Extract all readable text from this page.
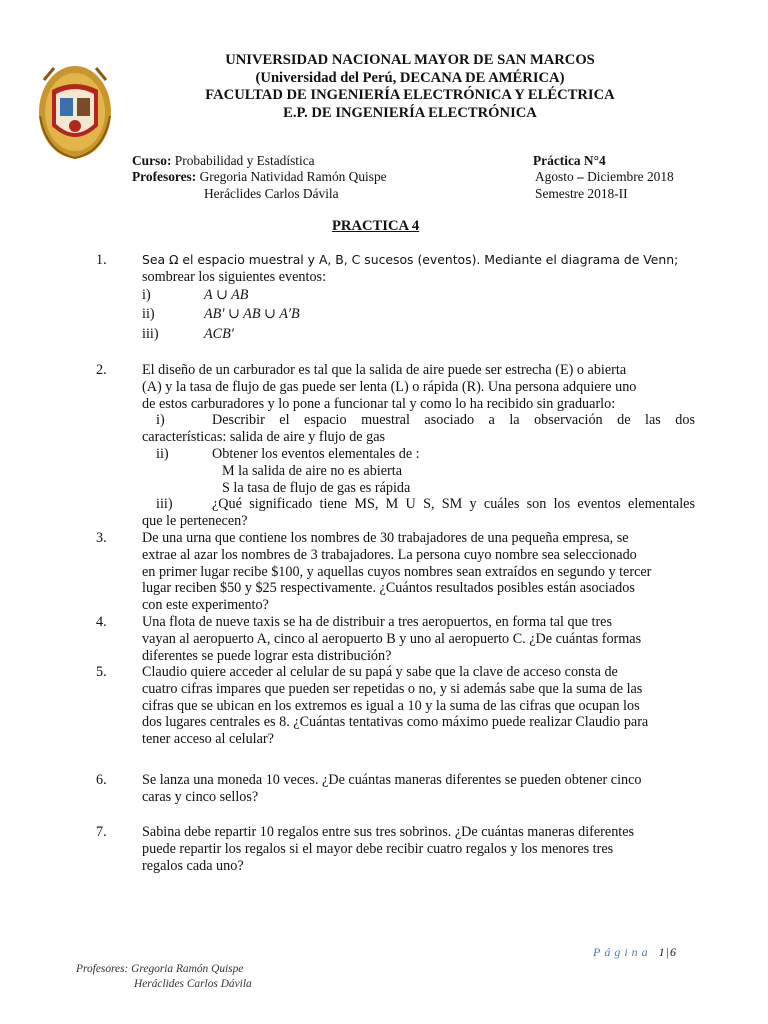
UNIVERSIDAD NACIONAL MAYOR DE SAN MARCOS
(Universidad del Perú, DECANA DE AMÉRICA)
FACULTAD DE INGENIERÍA ELECTRÓNICA Y ELÉCTRICA
E.P. DE INGENIERÍA ELECTRÓNICA
Curso: Probabilidad y Estadística
Profesores: Gregoria Natividad Ramón Quispe
Heráclides Carlos Dávila
Práctica N°4
Agosto – Diciembre 2018
Semestre 2018-II
PRACTICA 4
1.	Sea Ω el espacio muestral y A, B, C sucesos (eventos). Mediante el diagrama de Venn;
sombrear los siguientes eventos:
i)	A ∪ AB
ii)	AB′ ∪ AB ∪ A′B
iii)	ACB′
2. El diseño de un carburador es tal que la salida de aire puede ser estrecha (E) o abierta
(A) y la tasa de flujo de gas puede ser lenta (L) o rápida (R). Una persona adquiere uno
de estos carburadores y lo pone a funcionar tal y como lo ha recibido sin graduarlo:
i)	Describir el espacio muestral asociado a la observación de las dos
características: salida de aire y flujo de gas
ii)	Obtener los eventos elementales de :
M la salida de aire no es abierta
S la tasa de flujo de gas es rápida
iii)	¿Qué significado tiene MS, M U S, SM y cuáles son los eventos elementales
que le pertenecen?
3. De una urna que contiene los nombres de 30 trabajadores de una pequeña empresa, se
extrae al azar los nombres de 3 trabajadores. La persona cuyo nombre sea seleccionado
en primer lugar recibe $100, y aquellas cuyos nombres sean extraídos en segundo y tercer
lugar reciben $50 y $25 respectivamente. ¿Cuántos resultados posibles están asociados
con este experimento?
4. Una flota de nueve taxis se ha de distribuir a tres aeropuertos, en forma tal que tres
vayan al aeropuerto A, cinco al aeropuerto B y uno al aeropuerto C. ¿De cuántas formas
diferentes se puede lograr esta distribución?
5. Claudio quiere acceder al celular de su papá y sabe que la clave de acceso consta de
cuatro cifras impares que pueden ser repetidas o no, y si además sabe que la suma de las
cifras que se ubican en los extremos es igual a 10 y la suma de las cifras que ocupan los
dos lugares centrales es 8. ¿Cuántas tentativas como máximo puede realizar Claudio para
tener acceso al celular?
6. Se lanza una moneda 10 veces. ¿De cuántas maneras diferentes se pueden obtener cinco
caras y cinco sellos?
7. Sabina debe repartir 10 regalos entre sus tres sobrinos. ¿De cuántas maneras diferentes
puede repartir los regalos si el mayor debe recibir cuatro regalos y los menores tres
regalos cada uno?
Página 1|6
Profesores: Gregoria Ramón Quispe
Heráclides Carlos Dávila
